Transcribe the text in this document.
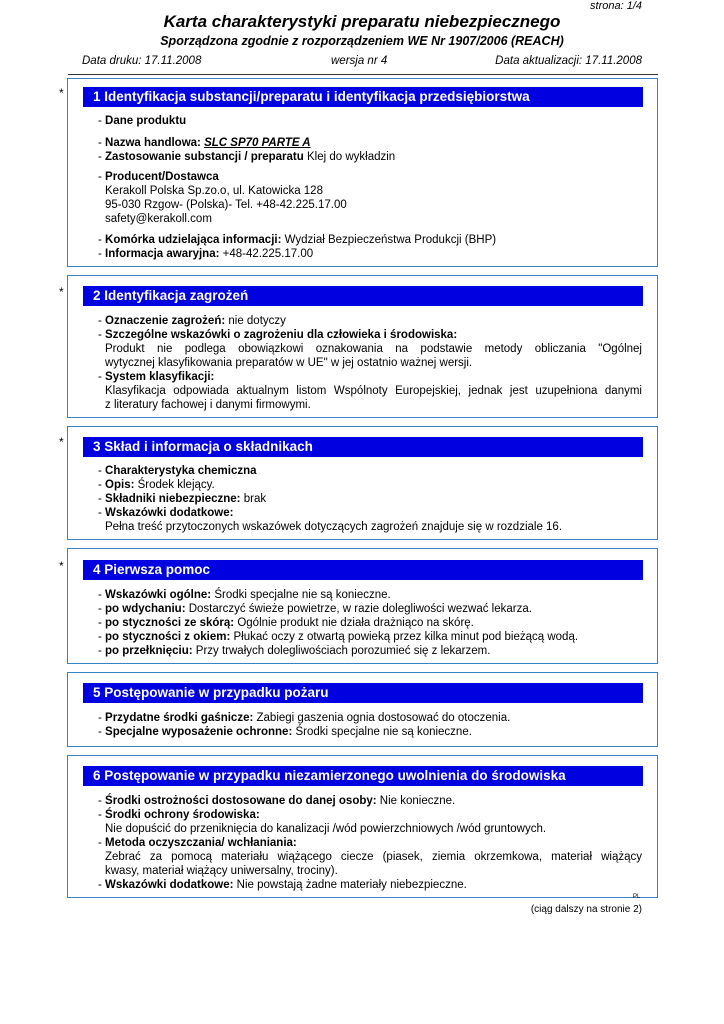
strona: 1/4
Karta charakterystyki preparatu niebezpiecznego
Sporządzona zgodnie z rozporządzeniem WE Nr 1907/2006 (REACH)
Data druku: 17.11.2008	wersja nr 4	Data aktualizacji: 17.11.2008
*	1 Identyfikacja substancji/preparatu i identyfikacja przedsiębiorstwa
- Dane produktu
- Nazwa handlowa: SLC SP70 PARTE A
- Zastosowanie substancji / preparatu Klej do wykładzin
- Producent/Dostawca
Kerakoll Polska Sp.zo.o, ul. Katowicka 128
95-030 Rzgow- (Polska)- Tel. +48-42.225.17.00
safety@kerakoll.com
- Komórka udzielająca informacji: Wydział Bezpieczeństwa Produkcji (BHP)
- Informacja awaryjna: +48-42.225.17.00
*	2 Identyfikacja zagrożeń
- Oznaczenie zagrożeń: nie dotyczy
- Szczególne wskazówki o zagrożeniu dla człowieka i środowiska:
Produkt nie podlega obowiązkowi oznakowania na podstawie metody obliczania "Ogólnej
wytycznej klasyfikowania preparatów w UE" w jej ostatnio ważnej wersji.
- System klasyfikacji:
Klasyfikacja odpowiada aktualnym listom Wspólnoty Europejskiej, jednak jest uzupełniona danymi
z literatury fachowej i danymi firmowymi.
*	3 Skład i informacja o składnikach
- Charakterystyka chemiczna
- Opis: Środek klejący.
- Składniki niebezpieczne: brak
- Wskazówki dodatkowe:
Pełna treść przytoczonych wskazówek dotyczących zagrożeń znajduje się w rozdziale 16.
*	4 Pierwsza pomoc
- Wskazówki ogólne: Środki specjalne nie są konieczne.
- po wdychaniu: Dostarczyć świeże powietrze, w razie dolegliwości wezwać lekarza.
- po styczności ze skórą: Ogólnie produkt nie działa drażniąco na skórę.
- po styczności z okiem: Płukać oczy z otwartą powieką przez kilka minut pod bieżącą wodą.
- po przełknięciu: Przy trwałych dolegliwościach porozumieć się z lekarzem.
5 Postępowanie w przypadku pożaru
- Przydatne środki gaśnicze: Zabiegi gaszenia ognia dostosować do otoczenia.
- Specjalne wyposażenie ochronne: Środki specjalne nie są konieczne.
6 Postępowanie w przypadku niezamierzonego uwolnienia do środowiska
- Środki ostrożności dostosowane do danej osoby: Nie konieczne.
- Środki ochrony środowiska:
Nie dopuścić do przeniknięcia do kanalizacji /wód powierzchniowych /wód gruntowych.
- Metoda oczyszczania/ wchłaniania:
Zebrać za pomocą materiału wiążącego ciecze (piasek, ziemia okrzemkowa, materiał wiążący
kwasy, materiał wiążący uniwersalny, trociny).
- Wskazówki dodatkowe: Nie powstają żadne materiały niebezpieczne.
PL
(ciąg dalszy na stronie 2)
